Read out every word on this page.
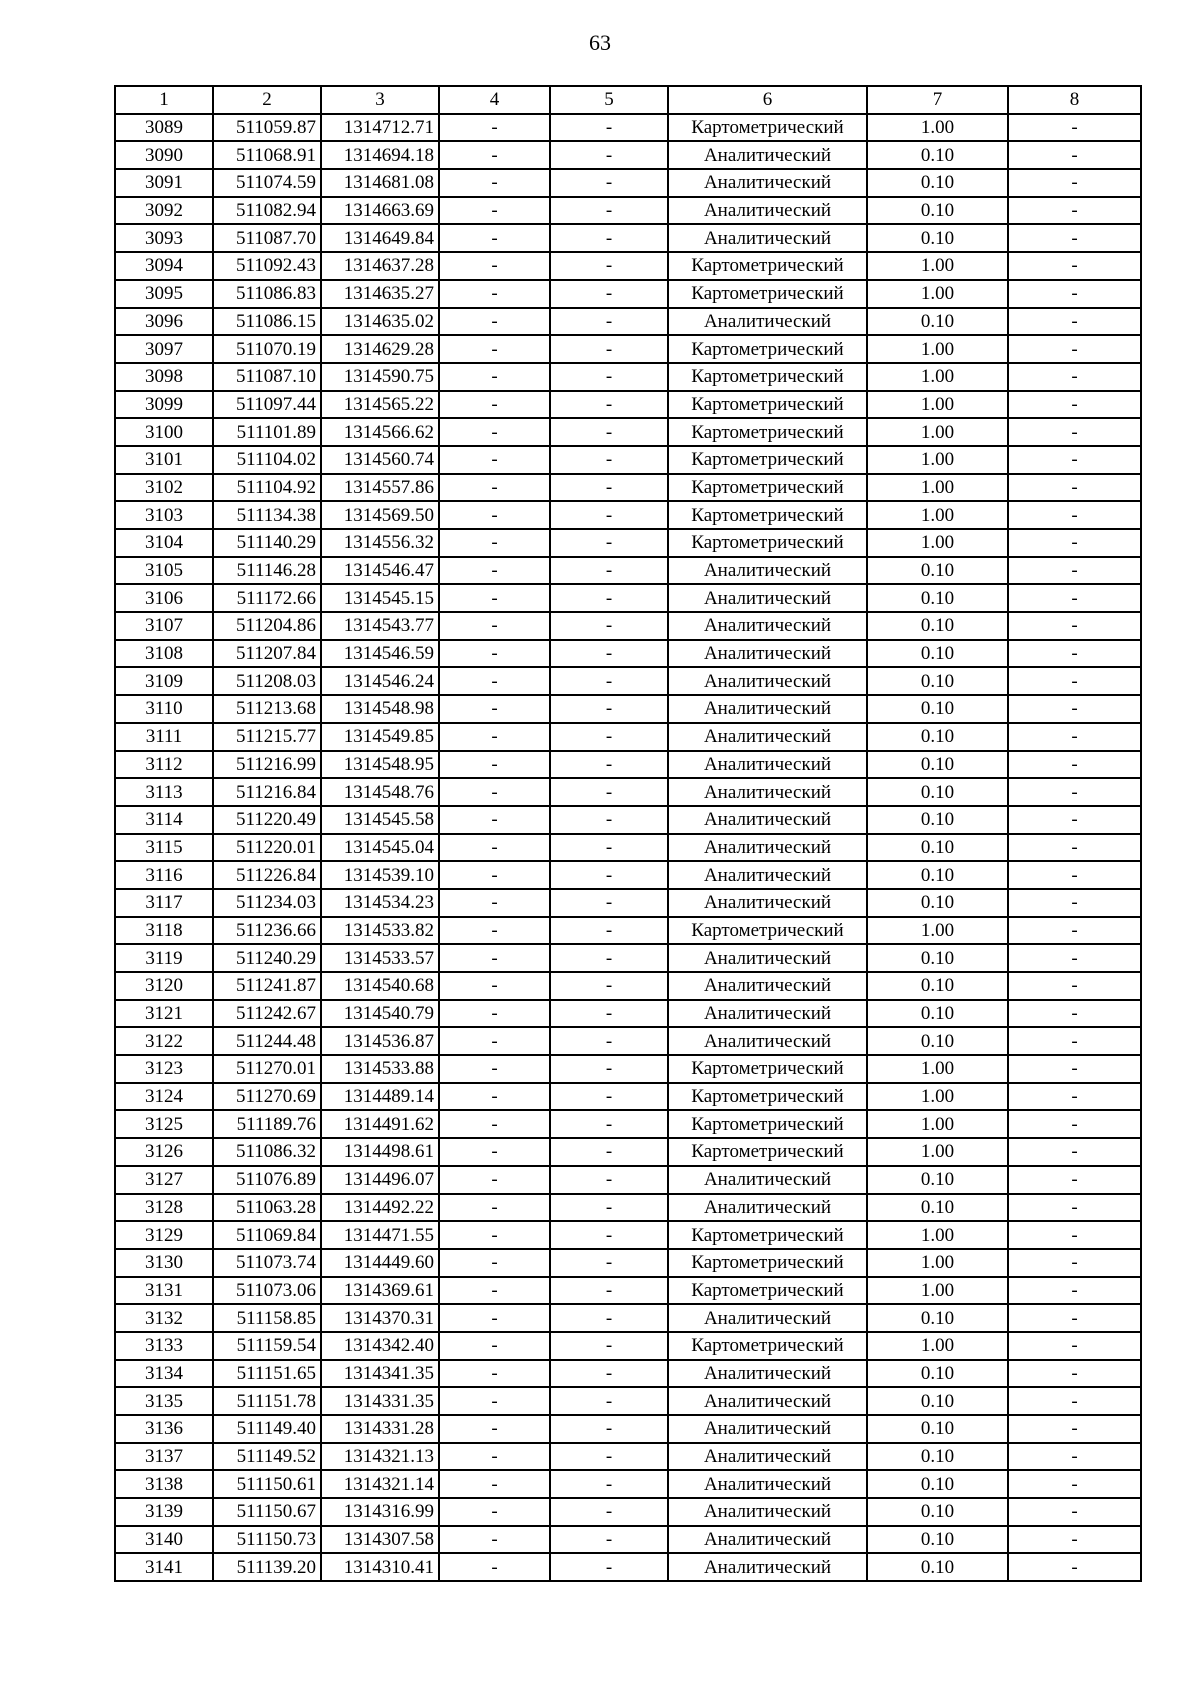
63
1	2	3	4	5	6	7	8
3089	511059.87	1314712.71	-	-	Картометрический	1.00	-
3090	511068.91	1314694.18	-	-	Аналитический	0.10	-
3091	511074.59	1314681.08	-	-	Аналитический	0.10	-
3092	511082.94	1314663.69	-	-	Аналитический	0.10	-
3093	511087.70	1314649.84	-	-	Аналитический	0.10	-
3094	511092.43	1314637.28	-	-	Картометрический	1.00	-
3095	511086.83	1314635.27	-	-	Картометрический	1.00	-
3096	511086.15	1314635.02	-	-	Аналитический	0.10	-
3097	511070.19	1314629.28	-	-	Картометрический	1.00	-
3098	511087.10	1314590.75	-	-	Картометрический	1.00	-
3099	511097.44	1314565.22	-	-	Картометрический	1.00	-
3100	511101.89	1314566.62	-	-	Картометрический	1.00	-
3101	511104.02	1314560.74	-	-	Картометрический	1.00	-
3102	511104.92	1314557.86	-	-	Картометрический	1.00	-
3103	511134.38	1314569.50	-	-	Картометрический	1.00	-
3104	511140.29	1314556.32	-	-	Картометрический	1.00	-
3105	511146.28	1314546.47	-	-	Аналитический	0.10	-
3106	511172.66	1314545.15	-	-	Аналитический	0.10	-
3107	511204.86	1314543.77	-	-	Аналитический	0.10	-
3108	511207.84	1314546.59	-	-	Аналитический	0.10	-
3109	511208.03	1314546.24	-	-	Аналитический	0.10	-
3110	511213.68	1314548.98	-	-	Аналитический	0.10	-
3111	511215.77	1314549.85	-	-	Аналитический	0.10	-
3112	511216.99	1314548.95	-	-	Аналитический	0.10	-
3113	511216.84	1314548.76	-	-	Аналитический	0.10	-
3114	511220.49	1314545.58	-	-	Аналитический	0.10	-
3115	511220.01	1314545.04	-	-	Аналитический	0.10	-
3116	511226.84	1314539.10	-	-	Аналитический	0.10	-
3117	511234.03	1314534.23	-	-	Аналитический	0.10	-
3118	511236.66	1314533.82	-	-	Картометрический	1.00	-
3119	511240.29	1314533.57	-	-	Аналитический	0.10	-
3120	511241.87	1314540.68	-	-	Аналитический	0.10	-
3121	511242.67	1314540.79	-	-	Аналитический	0.10	-
3122	511244.48	1314536.87	-	-	Аналитический	0.10	-
3123	511270.01	1314533.88	-	-	Картометрический	1.00	-
3124	511270.69	1314489.14	-	-	Картометрический	1.00	-
3125	511189.76	1314491.62	-	-	Картометрический	1.00	-
3126	511086.32	1314498.61	-	-	Картометрический	1.00	-
3127	511076.89	1314496.07	-	-	Аналитический	0.10	-
3128	511063.28	1314492.22	-	-	Аналитический	0.10	-
3129	511069.84	1314471.55	-	-	Картометрический	1.00	-
3130	511073.74	1314449.60	-	-	Картометрический	1.00	-
3131	511073.06	1314369.61	-	-	Картометрический	1.00	-
3132	511158.85	1314370.31	-	-	Аналитический	0.10	-
3133	511159.54	1314342.40	-	-	Картометрический	1.00	-
3134	511151.65	1314341.35	-	-	Аналитический	0.10	-
3135	511151.78	1314331.35	-	-	Аналитический	0.10	-
3136	511149.40	1314331.28	-	-	Аналитический	0.10	-
3137	511149.52	1314321.13	-	-	Аналитический	0.10	-
3138	511150.61	1314321.14	-	-	Аналитический	0.10	-
3139	511150.67	1314316.99	-	-	Аналитический	0.10	-
3140	511150.73	1314307.58	-	-	Аналитический	0.10	-
3141	511139.20	1314310.41	-	-	Аналитический	0.10	-
